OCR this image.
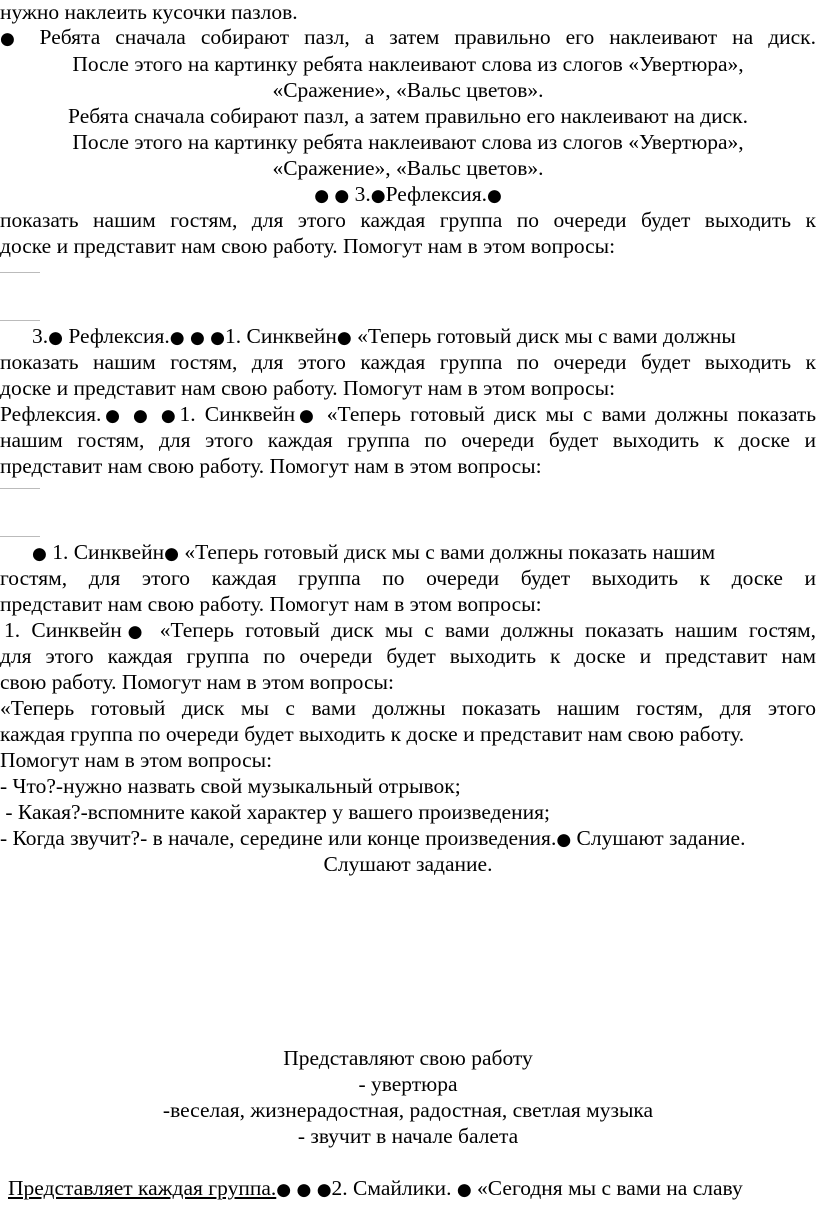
нужно наклеить кусочки пазлов.
● Ребята сначала собирают пазл, а затем правильно его наклеивают на диск.
После этого на картинку ребята наклеивают слова из слогов «Увертюра»,
«Сражение», «Вальс цветов».
Ребята сначала собирают пазл, а затем правильно его наклеивают на диск.
После этого на картинку ребята наклеивают слова из слогов «Увертюра»,
«Сражение», «Вальс цветов».
● ● 3.●Рефлексия.●
показать нашим гостям, для этого каждая группа по очереди будет выходить к
доске и представит нам свою работу. Помогут нам в этом вопросы:
3.● Рефлексия.● ● ●1. Синквейн● «Теперь готовый диск мы с вами должны
показать нашим гостям, для этого каждая группа по очереди будет выходить к
доске и представит нам свою работу. Помогут нам в этом вопросы:
Рефлексия.● ● ●1. Синквейн● «Теперь готовый диск мы с вами должны показать
нашим гостям, для этого каждая группа по очереди будет выходить к доске и
представит нам свою работу. Помогут нам в этом вопросы:
● 1. Синквейн● «Теперь готовый диск мы с вами должны показать нашим
гостям, для этого каждая группа по очереди будет выходить к доске и
представит нам свою работу. Помогут нам в этом вопросы:
1. Синквейн● «Теперь готовый диск мы с вами должны показать нашим гостям,
для этого каждая группа по очереди будет выходить к доске и представит нам
свою работу. Помогут нам в этом вопросы:
«Теперь готовый диск мы с вами должны показать нашим гостям, для этого
каждая группа по очереди будет выходить к доске и представит нам свою работу.
Помогут нам в этом вопросы:
- Что?-нужно назвать свой музыкальный отрывок;
- Какая?-вспомните какой характер у вашего произведения;
- Когда звучит?- в начале, середине или конце произведения.● Слушают задание.
Слушают задание.
Представляют свою работу
- увертюра
-веселая, жизнерадостная, радостная, светлая музыка
- звучит в начале балета
Представляет каждая группа.● ● ●2. Смайлики. ● «Сегодня мы с вами на славу
